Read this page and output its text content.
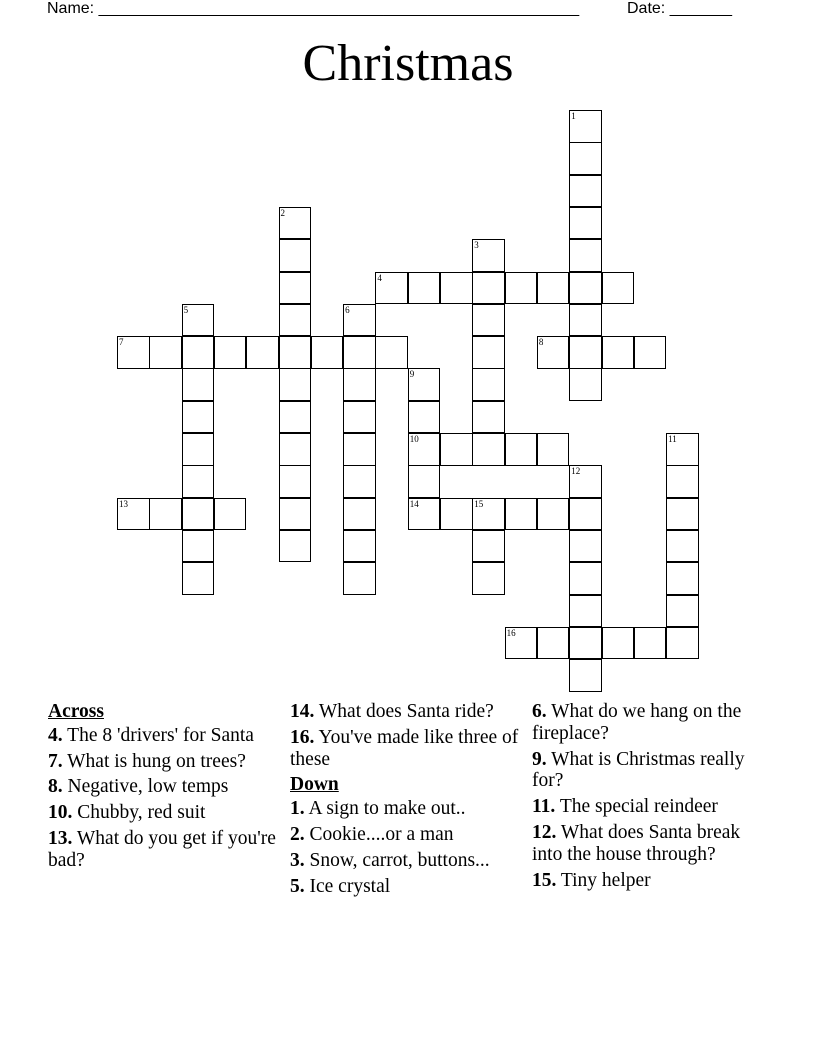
Name: ______________________________________________________	Date: _______
Christmas
4
7	8
10
13	14	15
16
1
2
3
5	6
9
11
12
Across
4. The 8 'drivers' for Santa
7. What is hung on trees?
8. Negative, low temps
10. Chubby, red suit
13. What do you get if you're bad?
14. What does Santa ride?
16. You've made like three of these
Down
1. A sign to make out..
2. Cookie....or a man
3. Snow, carrot, buttons...
5. Ice crystal
6. What do we hang on the fireplace?
9. What is Christmas really for?
11. The special reindeer
12. What does Santa break into the house through?
15. Tiny helper
